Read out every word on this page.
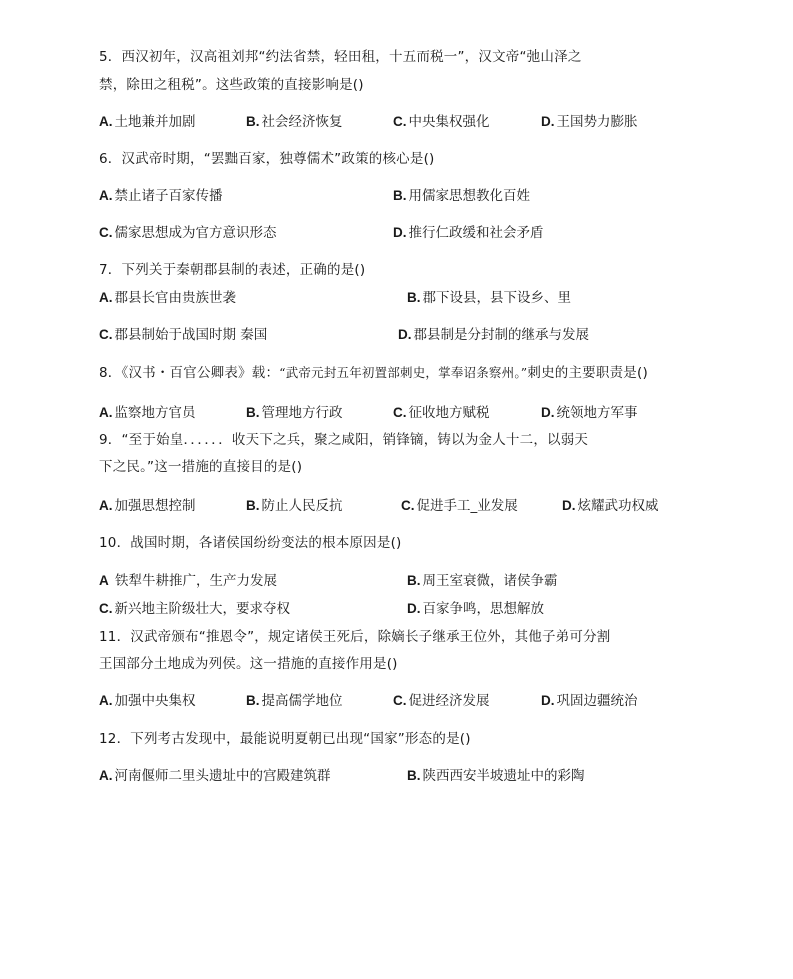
5．西汉初年，汉高祖刘邦“约法省禁，轻田租，十五而税一”，汉文帝“弛山泽之
禁，除田之租税”。这些政策的直接影响是()
A. 土地兼并加剧	B. 社会经济恢复	C. 中央集权强化	D. 王国势力膨胀
6．汉武帝时期，“罢黜百家，独尊儒术”政策的核心是()
A. 禁止诸子百家传播	B. 用儒家思想教化百姓
C. 儒家思想成为官方意识形态	D. 推行仁政缓和社会矛盾
7．下列关于秦朝郡县制的表述，正确的是()
A. 郡县长官由贵族世袭	B. 郡下设县，县下设乡、里
C. 郡县制始于战国时期 秦国	D. 郡县制是分封制的继承与发展
8．《汉书・百官公卿表》载：“武帝元封五年初置部刺史，掌奉诏条察州。”刺史的主要职责是()
A. 监察地方官员	B. 管理地方行政	C. 征收地方赋税	D. 统领地方军事
9．“至于始皇．．．．．．收天下之兵，聚之咸阳，销锋镝，铸以为金人十二，以弱天
下之民。”这一措施的直接目的是()
A. 加强思想控制	B. 防止人民反抗	C. 促进手工_业发展	D. 炫耀武功权威
10．战国时期，各诸侯国纷纷变法的根本原因是()
A 铁犁牛耕推广，生产力发展	B. 周王室衰微，诸侯争霸
C. 新兴地主阶级壮大，要求夺权	D. 百家争鸣，思想解放
11．汉武帝颁布“推恩令”，规定诸侯王死后，除嫡长子继承王位外，其他子弟可分割
王国部分土地成为列侯。这一措施的直接作用是()
A. 加强中央集权	B. 提高儒学地位	C. 促进经济发展	D. 巩固边疆统治
12．下列考古发现中，最能说明夏朝已出现“国家”形态的是()
A. 河南偃师二里头遗址中的宫殿建筑群	B. 陕西西安半坡遗址中的彩陶
